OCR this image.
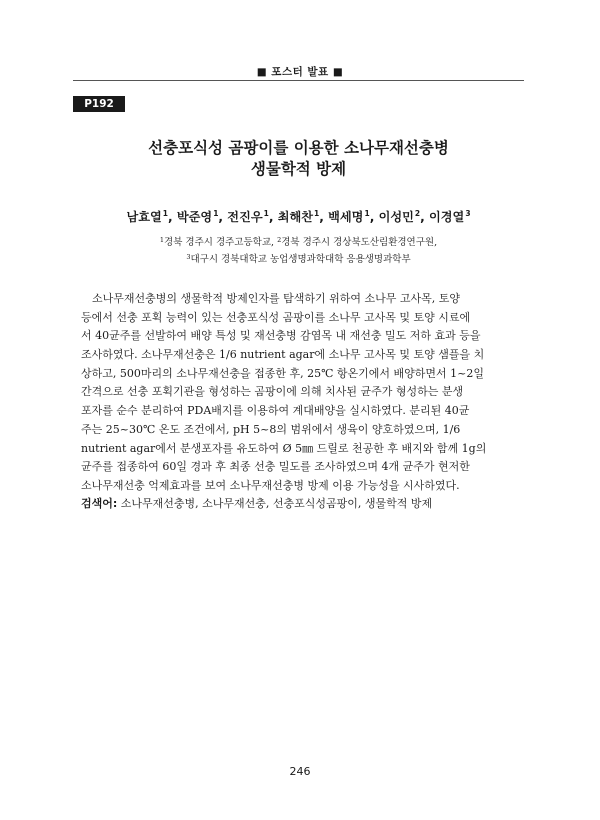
■ 포스터 발표 ■
P192
선충포식성 곰팡이를 이용한 소나무재선충병
생물학적 방제
남효열$^1$, 박준영$^1$, 전진우$^1$, 최해찬$^1$, 백세명$^1$, 이성민$^2$, 이경열$^3$
$^1$경북 경주시 경주고등학교, $^2$경북 경주시 경상북도산림환경연구원,
$^3$대구시 경북대학교 농업생명과학대학 응용생명과학부
소나무재선충병의 생물학적 방제인자를 탐색하기 위하여 소나무 고사목, 토양
등에서 선충 포획 능력이 있는 선충포식성 곰팡이를 소나무 고사목 및 토양 시료에
서 40균주를 선발하여 배양 특성 및 재선충병 감염목 내 재선충 밀도 저하 효과 등을
조사하였다. 소나무재선충은 1/6 nutrient agar에 소나무 고사목 및 토양 샘플을 치
상하고, 500마리의 소나무재선충을 접종한 후, 25℃ 항온기에서 배양하면서 1~2일
간격으로 선충 포획기관을 형성하는 곰팡이에 의해 치사된 균주가 형성하는 분생
포자를 순수 분리하여 PDA배지를 이용하여 계대배양을 실시하였다. 분리된 40균
주는 25~30℃ 온도 조건에서, pH 5~8의 범위에서 생육이 양호하였으며, 1/6
nutrient agar에서 분생포자를 유도하여 Ø 5㎜ 드릴로 천공한 후 배지와 함께 1g의
균주를 접종하여 60일 경과 후 최종 선충 밀도를 조사하였으며 4개 균주가 현저한
소나무재선충 억제효과를 보여 소나무재선충병 방제 이용 가능성을 시사하였다.
검색어: 소나무재선충병, 소나무재선충, 선충포식성곰팡이, 생물학적 방제
246
